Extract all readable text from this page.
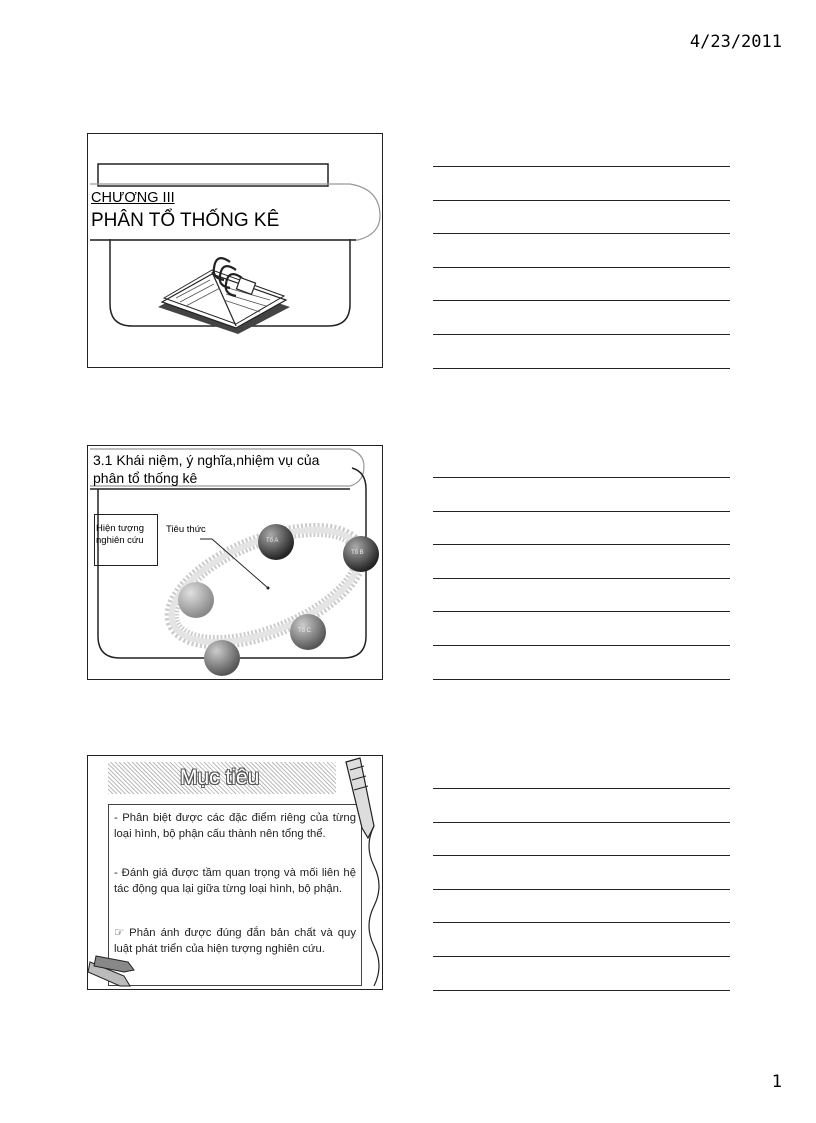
4/23/2011
CHƯƠNG III
PHÂN TỔ THỐNG KÊ
Tổ A
Tổ B
Tổ C
3.1 Khái niệm, ý nghĩa,nhiệm vụ của
phân tổ thống kê
Hiện tượng
nghiên cứu
Tiêu thức
Mục tiêu
- Phân biệt được các đặc điểm riêng của từng loại hình, bộ phận cấu thành nên tổng thể.
- Đánh giá được tầm quan trọng và mối liên hệ tác động qua lại giữa từng loại hình, bộ phận.
☞ Phản ánh được đúng đắn bản chất và quy luật phát triển của hiện tượng nghiên cứu.
1
